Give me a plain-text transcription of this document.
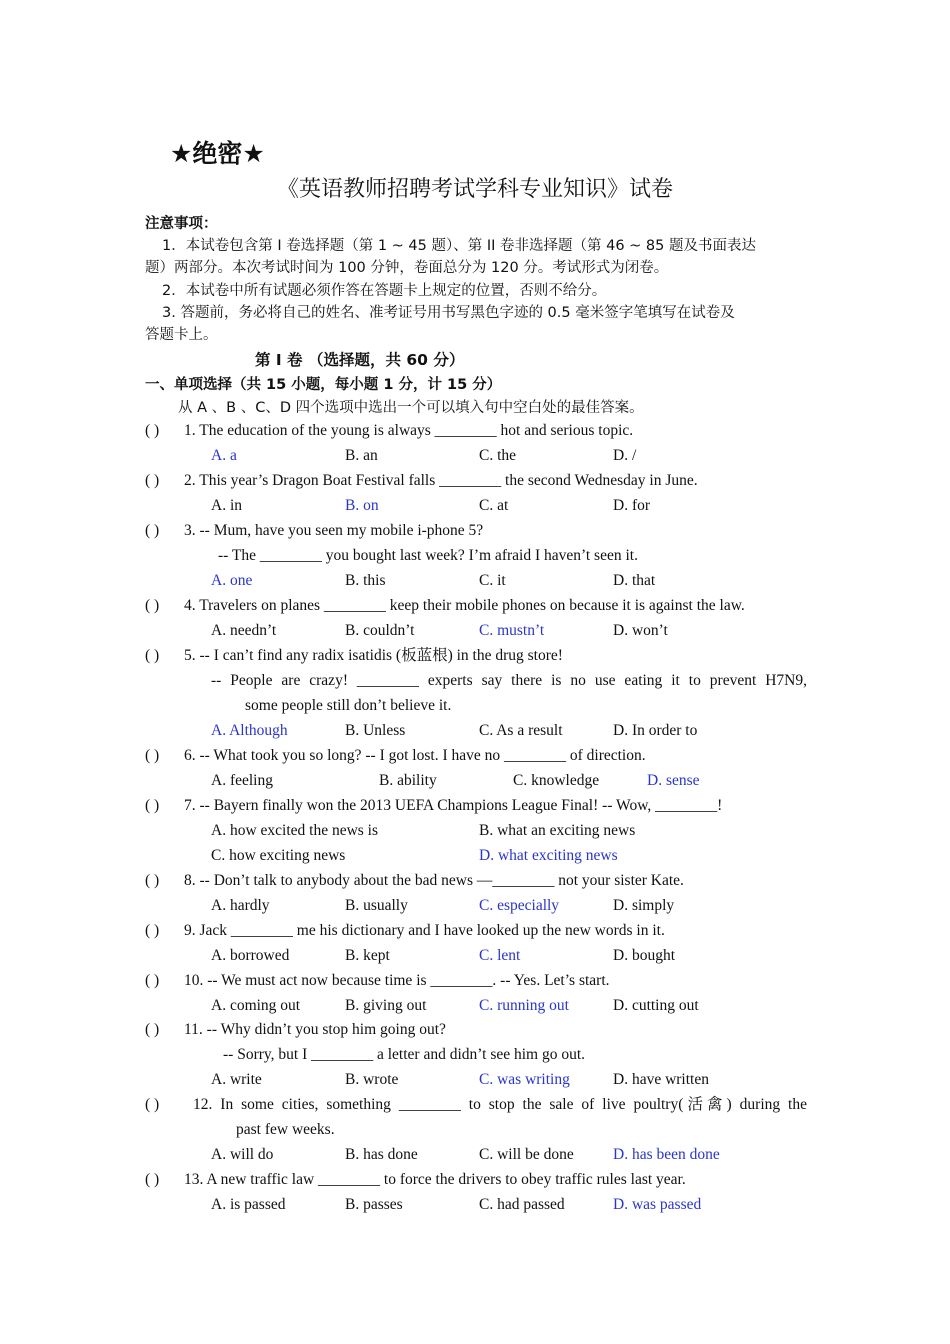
★绝密★
《英语教师招聘考试学科专业知识》试卷
注意事项：
1．本试卷包含第 I 卷选择题（第 1 ~ 45 题）、第 II 卷非选择题（第 46 ~ 85 题及书面表达
题）两部分。本次考试时间为 100 分钟，卷面总分为 120 分。考试形式为闭卷。
2．本试卷中所有试题必须作答在答题卡上规定的位置，否则不给分。
3. 答题前，务必将自己的姓名、准考证号用书写黑色字迹的 0.5 毫米签字笔填写在试卷及
答题卡上。
第 I 卷 （选择题，共 60 分）
一、单项选择（共 15 小题，每小题 1 分，计 15 分）
从 A 、B 、C、D 四个选项中选出一个可以填入句中空白处的最佳答案。
( ) 1. The education of the young is always ________ hot and serious topic.
A. a	B. an	C. the	D. /
( ) 2. This year’s Dragon Boat Festival falls ________ the second Wednesday in June.
A. in	B. on	C. at	D. for
( ) 3. -- Mum, have you seen my mobile i-phone 5?
-- The ________ you bought last week? I’m afraid I haven’t seen it.
A. one	B. this	C. it	D. that
( ) 4. Travelers on planes ________ keep their mobile phones on because it is against the law.
A. needn’t	B. couldn’t	C. mustn’t	D. won’t
( ) 5. -- I can’t find any radix isatidis (板蓝根) in the drug store!
-- People are crazy! ________ experts say there is no use eating it to prevent H7N9,
some people still don’t believe it.
A. Although	B. Unless	C. As a result	D. In order to
( ) 6. -- What took you so long? -- I got lost. I have no ________ of direction.
A. feeling	B. ability	C. knowledge	D. sense
( ) 7. -- Bayern finally won the 2013 UEFA Champions League Final! -- Wow, ________!
A. how excited the news is	B. what an exciting news
C. how exciting news	D. what exciting news
( ) 8. -- Don’t talk to anybody about the bad news —________ not your sister Kate.
A. hardly	B. usually	C. especially	D. simply
( ) 9. Jack ________ me his dictionary and I have looked up the new words in it.
A. borrowed	B. kept	C. lent	D. bought
( ) 10. -- We must act now because time is ________. -- Yes. Let’s start.
A. coming out	B. giving out	C. running out	D. cutting out
( ) 11. -- Why didn’t you stop him going out?
-- Sorry, but I ________ a letter and didn’t see him go out.
A. write	B. wrote	C. was writing	D. have written
( ) 12. In some cities, something ________ to stop the sale of live poultry(活禽) during the
past few weeks.
A. will do	B. has done	C. will be done	D. has been done
( ) 13. A new traffic law ________ to force the drivers to obey traffic rules last year.
A. is passed	B. passes	C. had passed	D. was passed
